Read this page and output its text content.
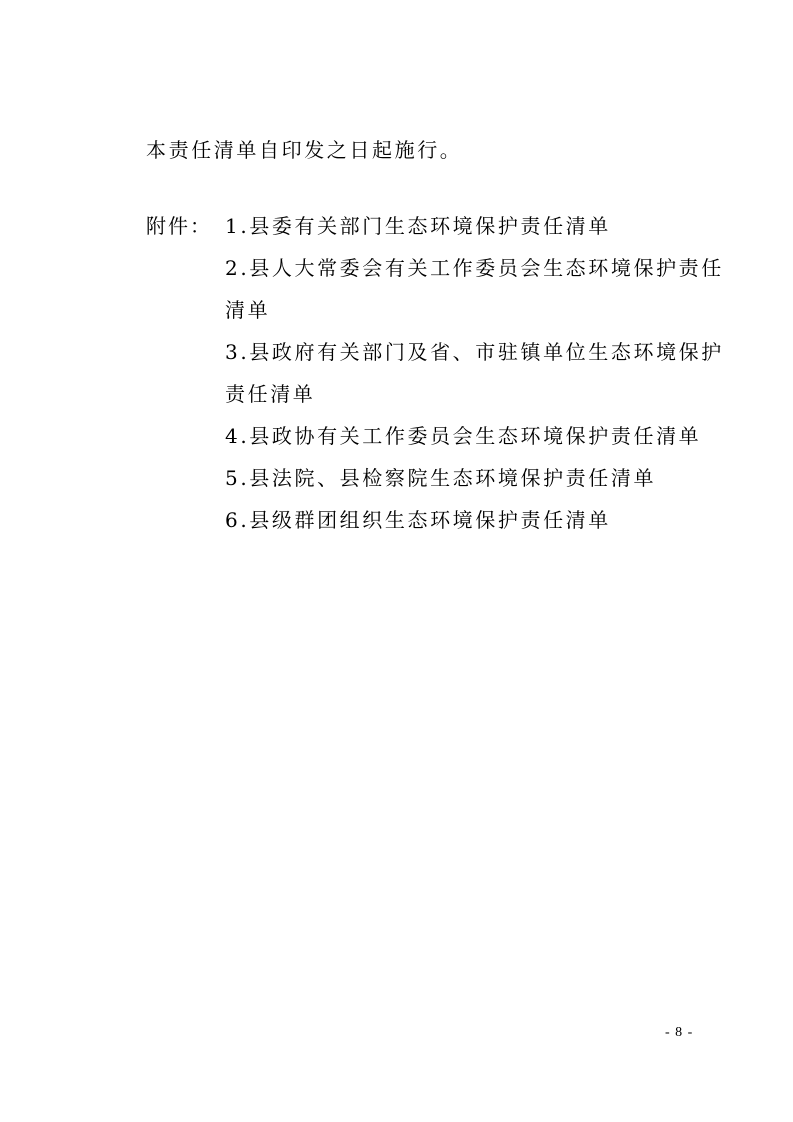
本责任清单自印发之日起施行。
附件： 1.县委有关部门生态环境保护责任清单
2.县人大常委会有关工作委员会生态环境保护责任
清单
3.县政府有关部门及省、市驻镇单位生态环境保护
责任清单
4.县政协有关工作委员会生态环境保护责任清单
5.县法院、县检察院生态环境保护责任清单
6.县级群团组织生态环境保护责任清单
- 8 -
